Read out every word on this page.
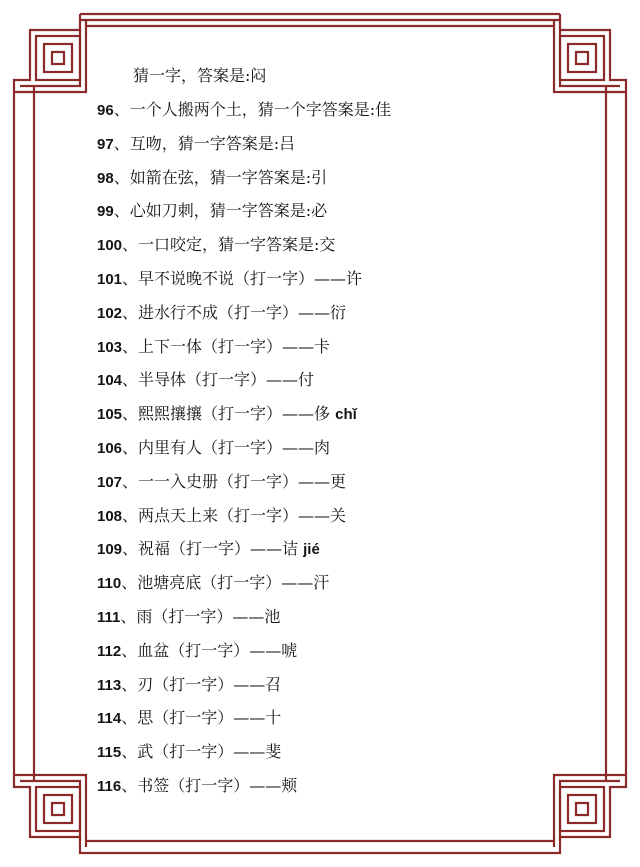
猜一字，答案是:闷
96、一个人搬两个土，猜一个字答案是:佳
97、互吻，猜一字答案是:吕
98、如箭在弦，猜一字答案是:引
99、心如刀刺，猜一字答案是:必
100、一口咬定，猜一字答案是:交
101、早不说晚不说（打一字）——许
102、进水行不成（打一字）——衍
103、上下一体（打一字）——卡
104、半导体（打一字）——付
105、熙熙攘攘（打一字）——侈 chǐ
106、内里有人（打一字）——肉
107、一一入史册（打一字）——更
108、两点天上来（打一字）——关
109、祝福（打一字）——诘 jié
110、池塘亮底（打一字）——汗
111、雨（打一字）——池
112、血盆（打一字）——唬
113、刃（打一字）——召
114、思（打一字）——十
115、武（打一字）——斐
116、书签（打一字）——颊
